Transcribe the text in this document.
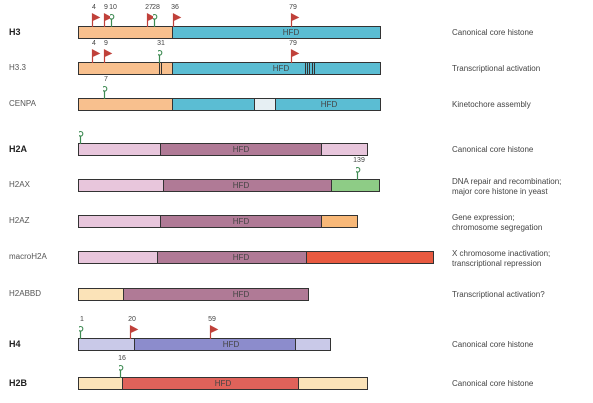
H3	Canonical core histone
HFD
4 9 10	27 28 36	79
H3.3	Transcriptional activation
HFD
4 9	31	79
CENPA	Kinetochore assembly
HFD
7
H2A	Canonical core histone
HFD
H2AX	DNA repair and recombination;
major core histone in yeast
HFD
139
H2AZ	Gene expression;
chromosome segregation
HFD
macroH2A	X chromosome inactivation;
transcriptional repression
HFD
H2ABBD	Transcriptional activation?
HFD
H4	Canonical core histone
HFD
1	20	59
H2B	Canonical core histone
HFD
16
